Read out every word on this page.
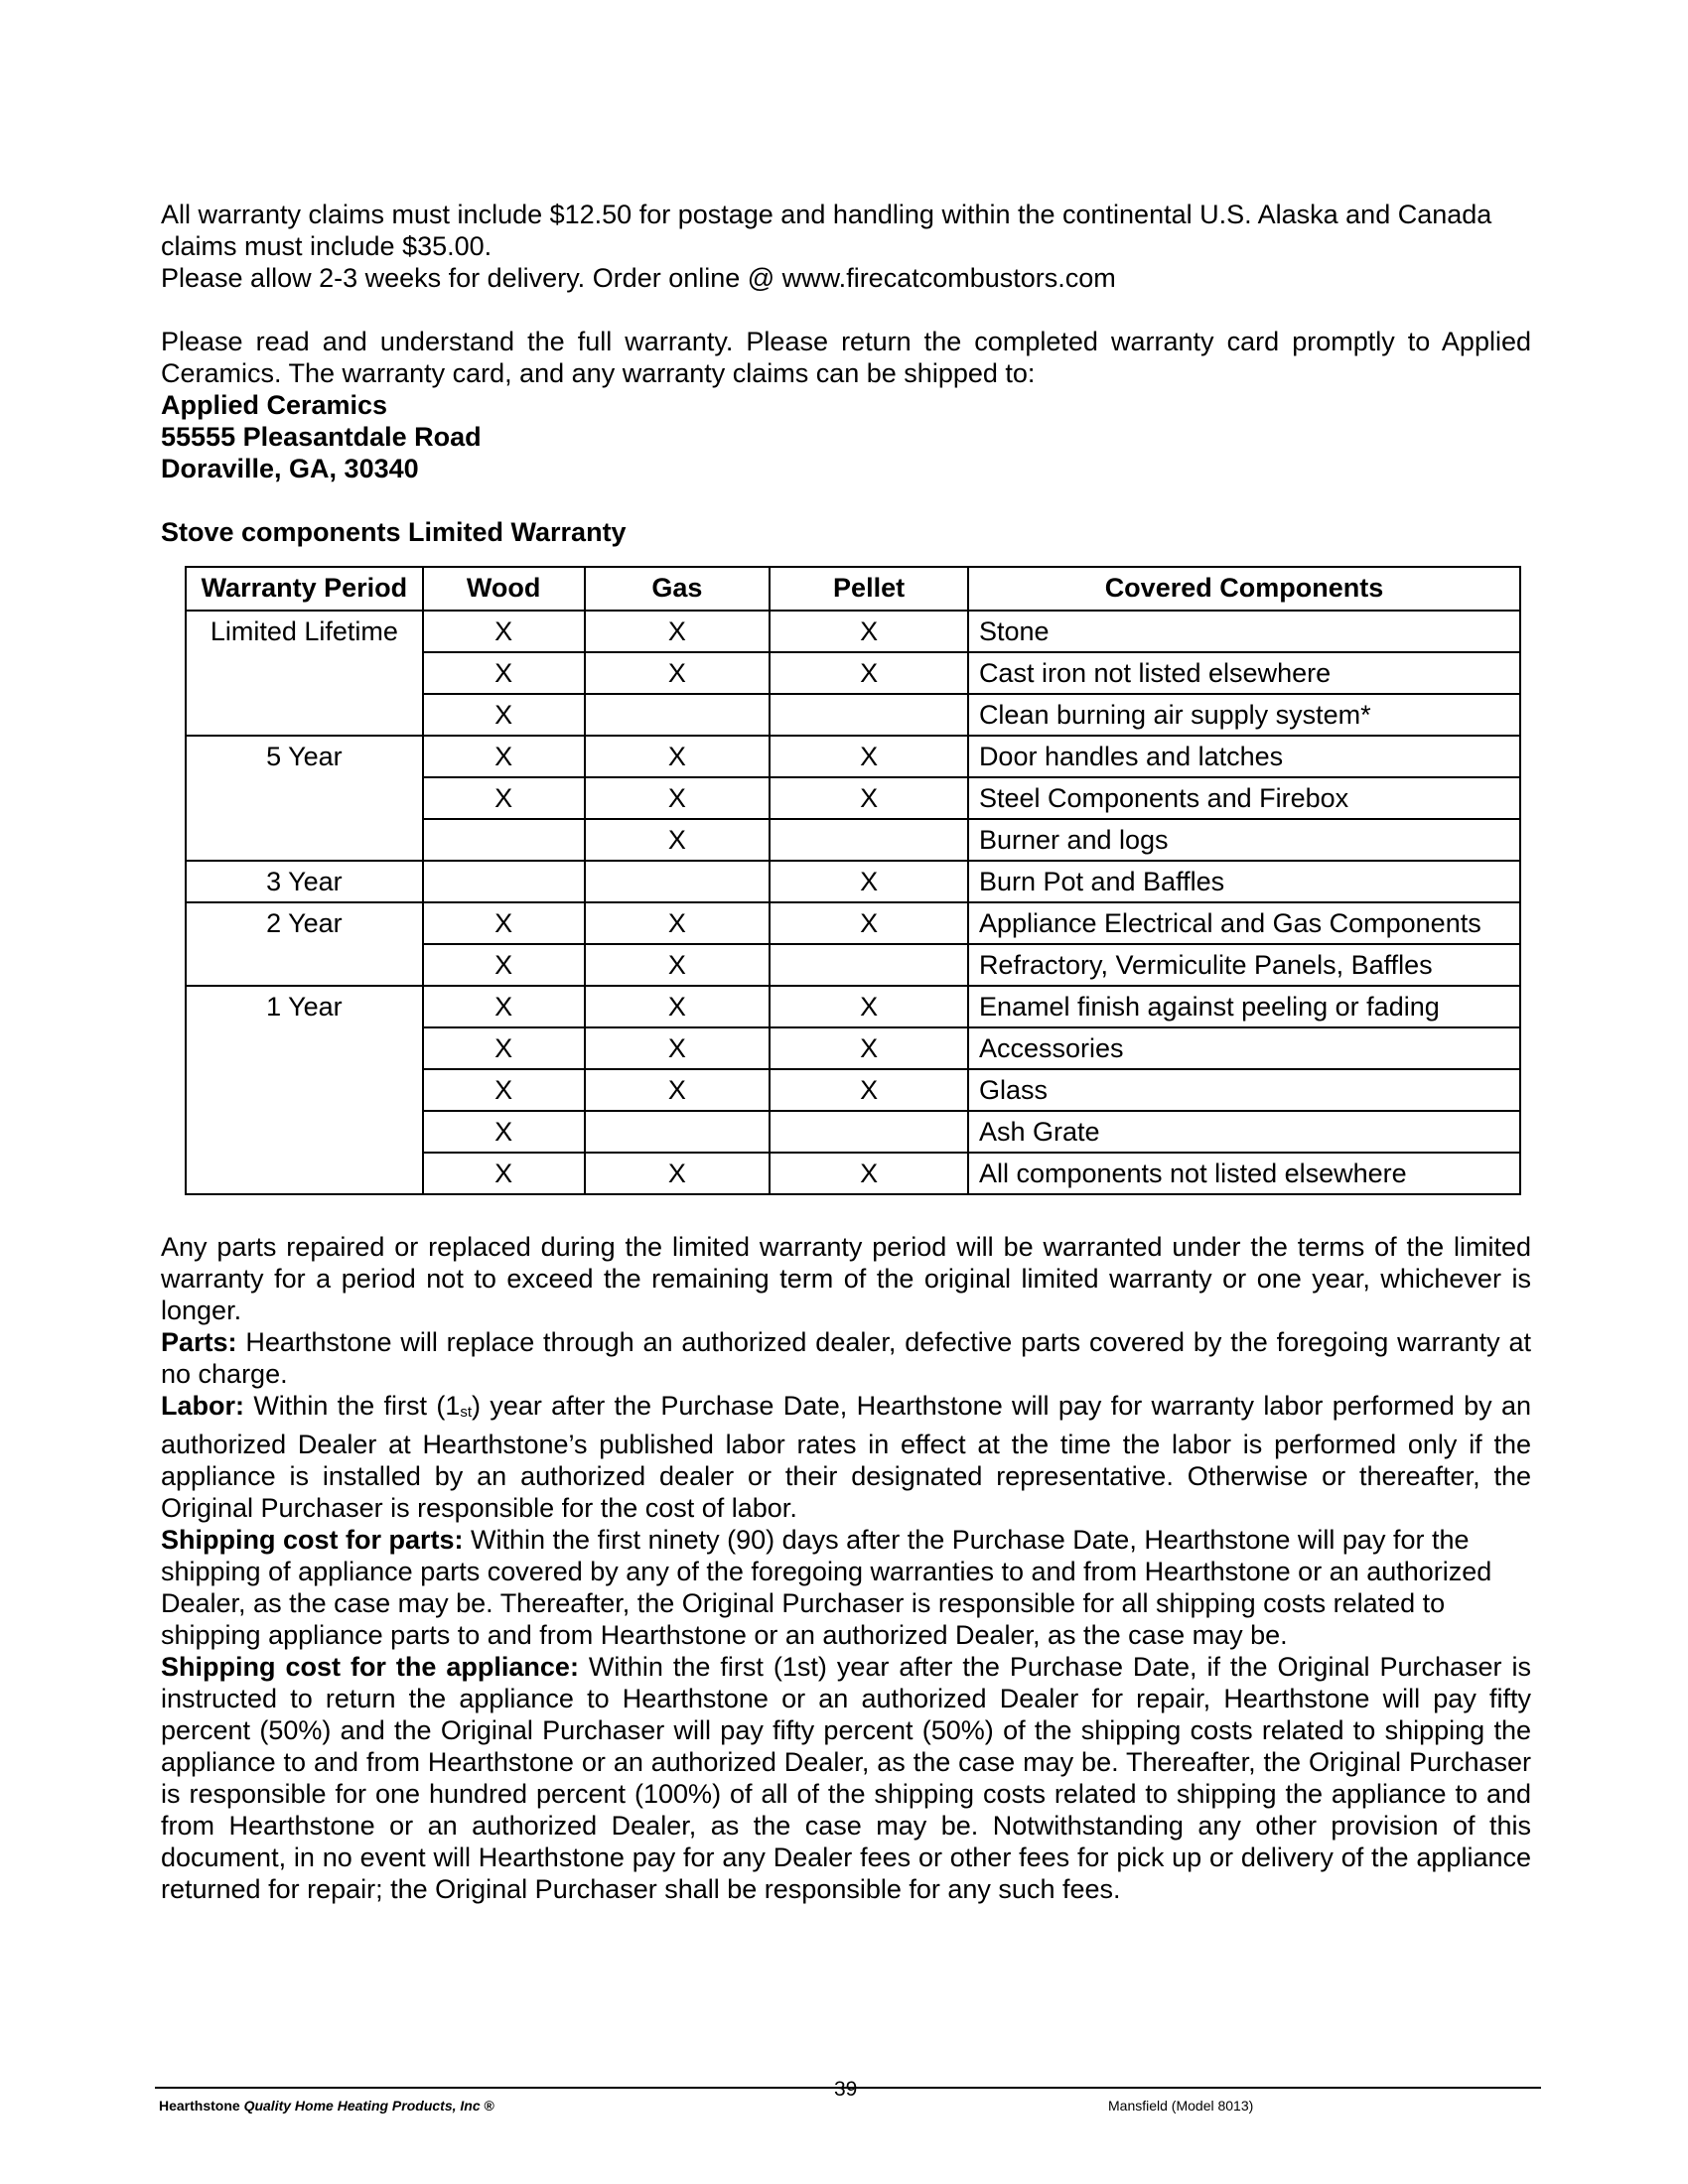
All warranty claims must include $12.50 for postage and handling within the continental U.S. Alaska and Canada claims must include $35.00.

Please allow 2-3 weeks for delivery. Order online @ www.firecatcombustors.com

Please read and understand the full warranty. Please return the completed warranty card promptly to Applied Ceramics. The warranty card, and any warranty claims can be shipped to:

Applied Ceramics

55555 Pleasantdale Road

Doraville, GA, 30340

Stove components Limited Warranty

Warranty Period	Wood	Gas	Pellet	Covered Components
Limited Lifetime	X	X	X	Stone
	X	X	X	Cast iron not listed elsewhere
	X			Clean burning air supply system*
5 Year	X	X	X	Door handles and latches
	X	X	X	Steel Components and Firebox
		X		Burner and logs
3 Year			X	Burn Pot and Baffles
2 Year	X	X	X	Appliance Electrical and Gas Components
	X	X		Refractory, Vermiculite Panels, Baffles
1 Year	X	X	X	Enamel finish against peeling or fading
	X	X	X	Accessories
	X	X	X	Glass
	X			Ash Grate
	X	X	X	All components not listed elsewhere

Any parts repaired or replaced during the limited warranty period will be warranted under the terms of the limited warranty for a period not to exceed the remaining term of the original limited warranty or one year, whichever is longer.

Parts: Hearthstone will replace through an authorized dealer, defective parts covered by the foregoing warranty at no charge.

Labor: Within the first (1st) year after the Purchase Date, Hearthstone will pay for warranty labor performed by an authorized Dealer at Hearthstone’s published labor rates in effect at the time the labor is performed only if the appliance is installed by an authorized dealer or their designated representative. Otherwise or thereafter, the Original Purchaser is responsible for the cost of labor.

Shipping cost for parts: Within the first ninety (90) days after the Purchase Date, Hearthstone will pay for the shipping of appliance parts covered by any of the foregoing warranties to and from Hearthstone or an authorized Dealer, as the case may be. Thereafter, the Original Purchaser is responsible for all shipping costs related to shipping appliance parts to and from Hearthstone or an authorized Dealer, as the case may be.

Shipping cost for the appliance: Within the first (1st) year after the Purchase Date, if the Original Purchaser is instructed to return the appliance to Hearthstone or an authorized Dealer for repair, Hearthstone will pay fifty percent (50%) and the Original Purchaser will pay fifty percent (50%) of the shipping costs related to shipping the appliance to and from Hearthstone or an authorized Dealer, as the case may be. Thereafter, the Original Purchaser is responsible for one hundred percent (100%) of all of the shipping costs related to shipping the appliance to and from Hearthstone or an authorized Dealer, as the case may be. Notwithstanding any other provision of this document, in no event will Hearthstone pay for any Dealer fees or other fees for pick up or delivery of the appliance returned for repair; the Original Purchaser shall be responsible for any such fees.

Hearthstone Quality Home Heating Products, Inc ®
39
Mansfield (Model 8013)
